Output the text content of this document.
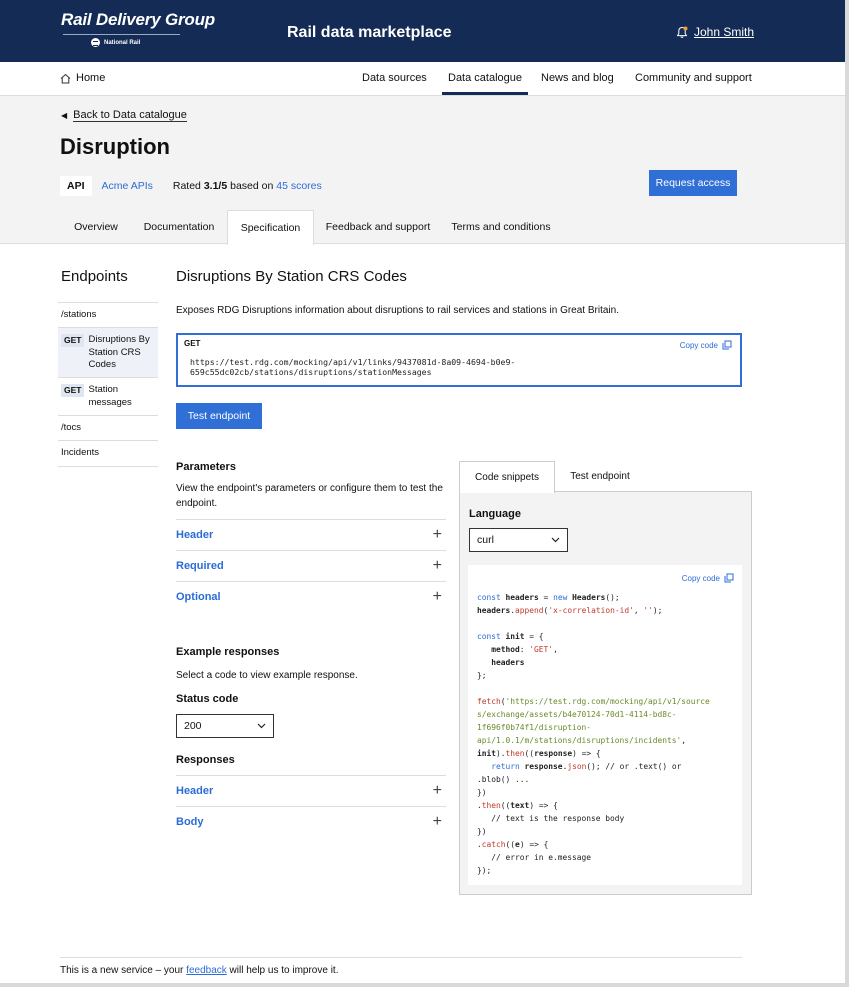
Rail Delivery Group
National Rail
Rail data marketplace	John Smith
Home	Data sources Data catalogue News and blog Community and support
◀ Back to Data catalogue
Disruption
API	Acme APIs Rated 3.1/5 based on 45 scores	Request access
Overview	Documentation	Specification	Feedback and support	Terms and conditions
Endpoints
/stations
GET Disruptions By Station CRS Codes
GET Station messages
/tocs
Incidents
Disruptions By Station CRS Codes
Exposes RDG Disruptions information about disruptions to rail services and stations in Great Britain.
GET	Copy code
https://test.rdg.com/mocking/api/v1/links/9437081d-8a09-4694-b0e9-
659c55dc02cb/stations/disruptions/stationMessages
Test endpoint
Parameters
View the endpoint's parameters or configure them to test the endpoint.
Header	+
Required	+
Optional	+
Example responses
Select a code to view example response.
Status code
200
Responses
Header	+
Body	+
Code snippets	Test endpoint
Language
curl
Copy code
const headers = new Headers();
headers.append('x-correlation-id', '');

const init = {
method: 'GET',
headers
};

fetch('https://test.rdg.com/mocking/api/v1/source
s/exchange/assets/b4e70124-70d1-4114-bd8c-
1f696f0b74f1/disruption-
api/1.0.1/m/stations/disruptions/incidents',
init).then((response) => {
return response.json(); // or .text() or
.blob() ...
})
.then((text) => {
// text is the response body
})
.catch((e) => {
// error in e.message
});
This is a new service – your feedback will help us to improve it.
